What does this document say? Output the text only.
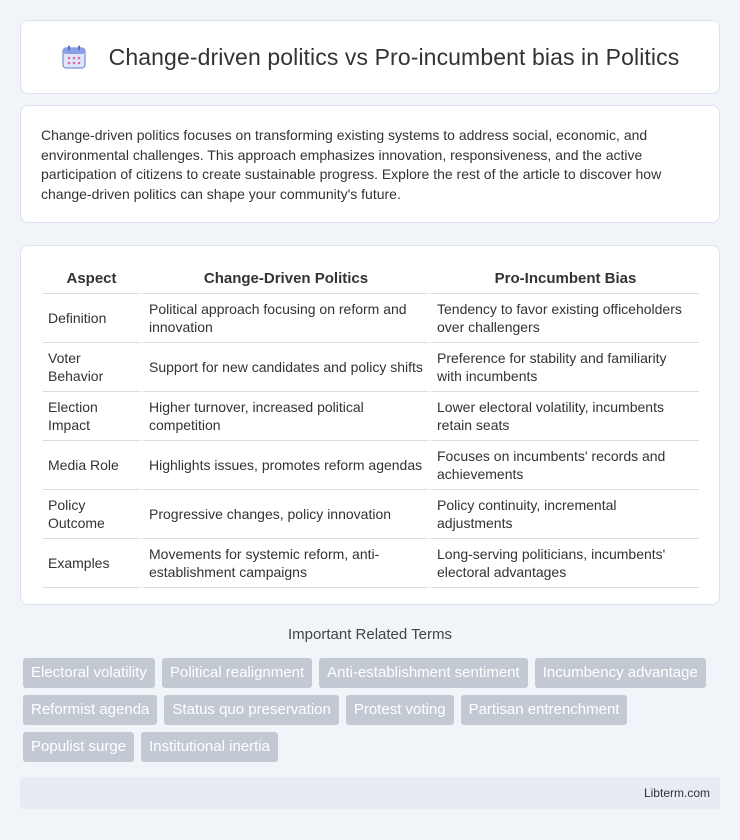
Change-driven politics vs Pro-incumbent bias in Politics

Change-driven politics focuses on transforming existing systems to address social, economic, and environmental challenges. This approach emphasizes innovation, responsiveness, and the active participation of citizens to create sustainable progress. Explore the rest of the article to discover how change-driven politics can shape your community's future.

Aspect	Change-Driven Politics	Pro-Incumbent Bias
Definition	Political approach focusing on reform and innovation	Tendency to favor existing officeholders over challengers
Voter Behavior	Support for new candidates and policy shifts	Preference for stability and familiarity with incumbents
Election Impact	Higher turnover, increased political competition	Lower electoral volatility, incumbents retain seats
Media Role	Highlights issues, promotes reform agendas	Focuses on incumbents' records and achievements
Policy Outcome	Progressive changes, policy innovation	Policy continuity, incremental adjustments
Examples	Movements for systemic reform, anti-establishment campaigns	Long-serving politicians, incumbents' electoral advantages
Important Related Terms
Electoral volatility	Political realignment	Anti-establishment sentiment	Incumbency advantage
Reformist agenda	Status quo preservation	Protest voting	Partisan entrenchment
Populist surge	Institutional inertia
Libterm.com
